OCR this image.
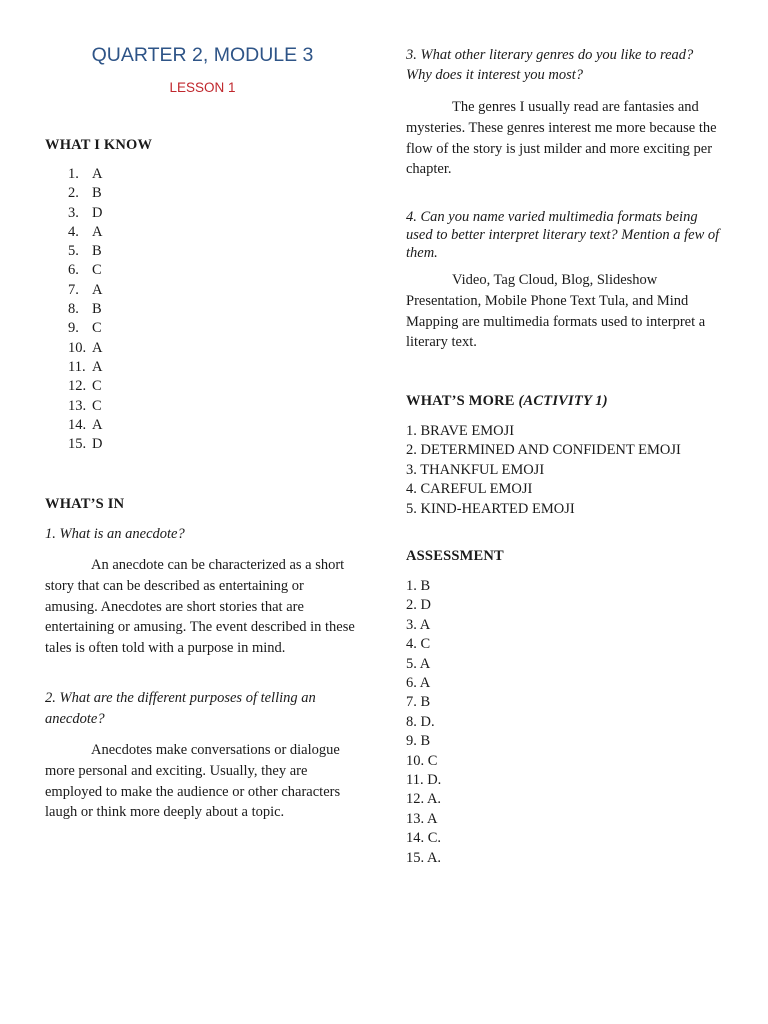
QUARTER 2, MODULE 3
LESSON 1
WHAT I KNOW
1. A
2. B
3. D
4. A
5. B
6. C
7. A
8. B
9. C
10. A
11. A
12. C
13. C
14. A
15. D
WHAT’S IN

1. What is an anecdote?

An anecdote can be characterized as a short story that can be described as entertaining or amusing. Anecdotes are short stories that are entertaining or amusing. The event described in these tales is often told with a purpose in mind.

2. What are the different purposes of telling an anecdote?

Anecdotes make conversations or dialogue more personal and exciting. Usually, they are employed to make the audience or other characters laugh or think more deeply about a topic.

3. What other literary genres do you like to read? Why does it interest you most?

The genres I usually read are fantasies and mysteries. These genres interest me more because the flow of the story is just milder and more exciting per chapter.

4. Can you name varied multimedia formats being used to better interpret literary text? Mention a few of them.

Video, Tag Cloud, Blog, Slideshow Presentation, Mobile Phone Text Tula, and Mind Mapping are multimedia formats used to interpret a literary text.

WHAT’S MORE (ACTIVITY 1)
1. BRAVE EMOJI
2. DETERMINED AND CONFIDENT EMOJI
3. THANKFUL EMOJI
4. CAREFUL EMOJI
5. KIND-HEARTED EMOJI
ASSESSMENT
1. B
2. D
3. A
4. C
5. A
6. A
7. B
8. D.
9. B
10. C
11. D.
12. A.
13. A
14. C.
15. A.
